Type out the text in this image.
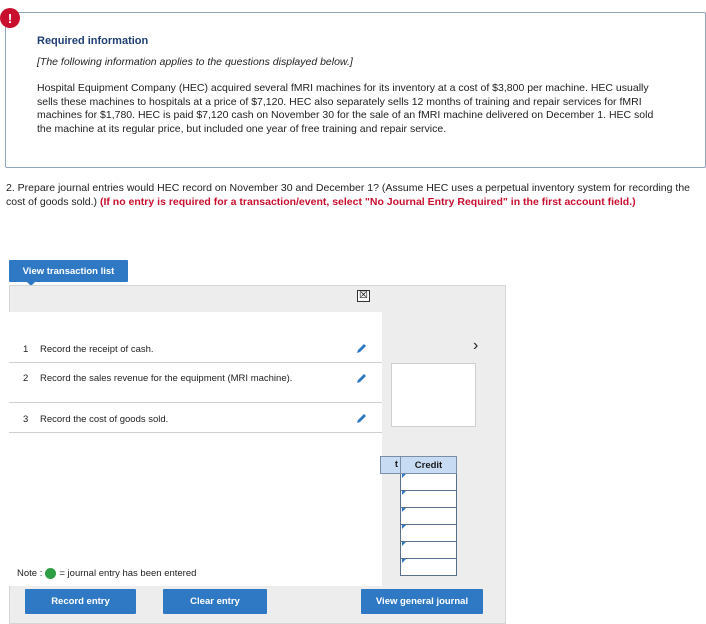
!
Required information
[The following information applies to the questions displayed below.]
Hospital Equipment Company (HEC) acquired several fMRI machines for its inventory at a cost of $3,800 per machine. HEC usually sells these machines to hospitals at a price of $7,120. HEC also separately sells 12 months of training and repair services for fMRI machines for $1,780. HEC is paid $7,120 cash on November 30 for the sale of an fMRI machine delivered on December 1. HEC sold the machine at its regular price, but included one year of free training and repair service.
2. Prepare journal entries would HEC record on November 30 and December 1? (Assume HEC uses a perpetual inventory system for recording the cost of goods sold.) (If no entry is required for a transaction/event, select "No Journal Entry Required" in the first account field.)
View transaction list
☒
›
1 Record the receipt of cash.
2 Record the sales revenue for the equipment (MRI machine).
3 Record the cost of goods sold.
t	Credit
Note : = journal entry has been entered
Record entry	Clear entry	View general journal
